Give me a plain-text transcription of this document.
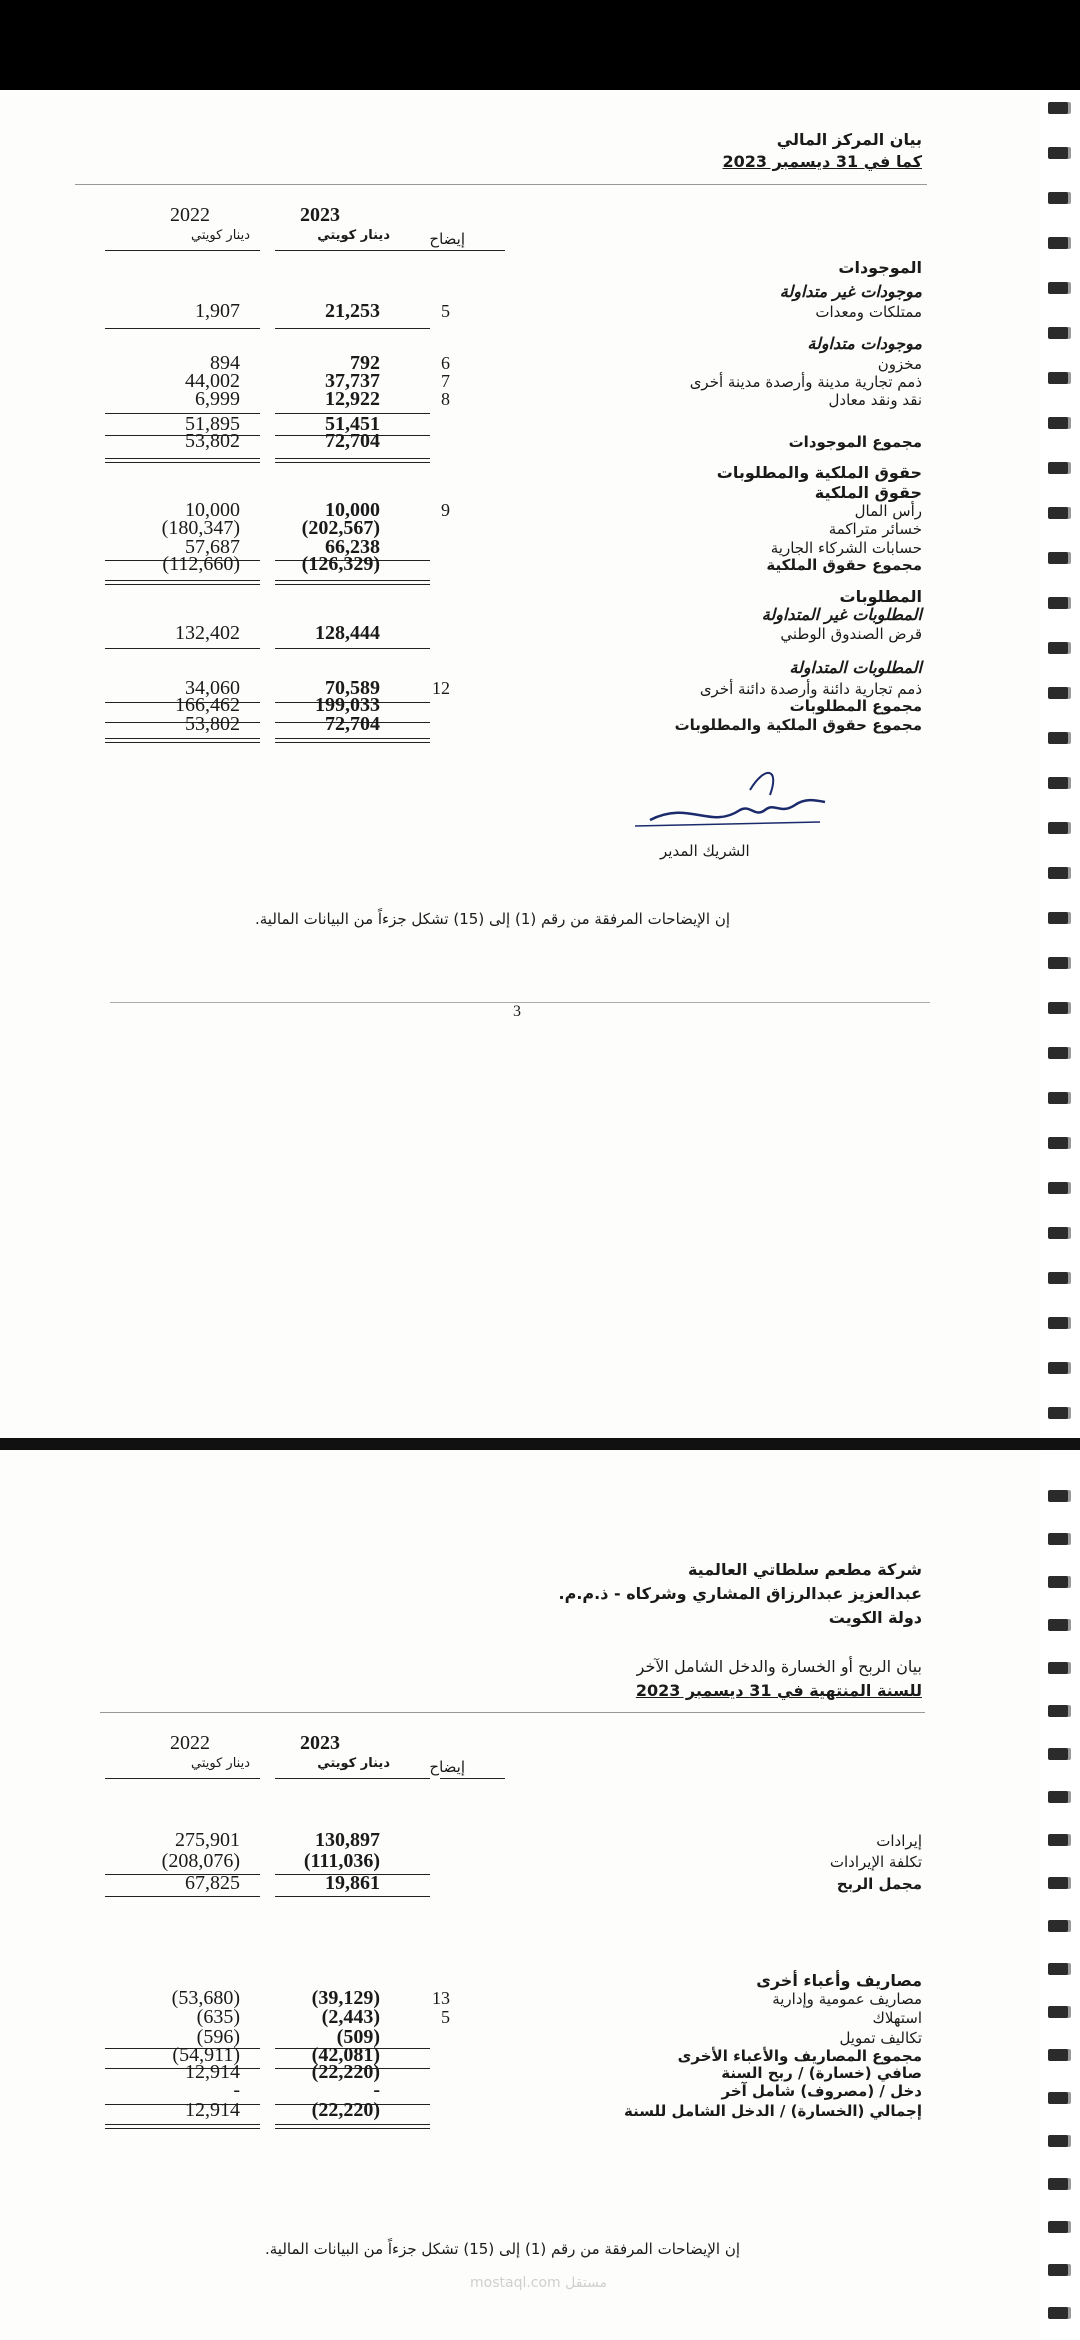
بيان المركز المالي
كما في 31 ديسمبر 2023
2022
دينار كويتي
2023
دينار كويتي	إيضاح
الموجودات
موجودات غير متداولة
ممتلكات ومعدات
5
21,253
1,907
موجودات متداولة
مخزون
6
792
894
ذمم تجارية مدينة وأرصدة مدينة أخرى
7
37,737
44,002
نقد ونقد معادل
8
12,922
6,999
51,451
51,895
مجموع الموجودات
72,704
53,802
حقوق الملكية والمطلوبات
حقوق الملكية
رأس المال
9
10,000
10,000
خسائر متراكمة
(202,567)
(180,347)
حسابات الشركاء الجارية
66,238
57,687
مجموع حقوق الملكية
(126,329)
(112,660)
المطلوبات
المطلوبات غير المتداولة
قرض الصندوق الوطني
128,444
132,402
المطلوبات المتداولة
ذمم تجارية دائنة وأرصدة دائنة أخرى
12
70,589
34,060
مجموع المطلوبات
199,033
166,462
مجموع حقوق الملكية والمطلوبات
72,704
53,802
الشريك المدير
إن الإيضاحات المرفقة من رقم (1) إلى (15) تشكل جزءاً من البيانات المالية.
3
شركة مطعم سلطاتي العالمية
عبدالعزيز عبدالرزاق المشاري وشركاه - ذ.م.م.
دولة الكويت
بيان الربح أو الخسارة والدخل الشامل الآخر
للسنة المنتهية في 31 ديسمبر 2023
2022
دينار كويتي
2023
دينار كويتي	إيضاح
إيرادات
130,897
275,901
تكلفة الإيرادات
(111,036)
(208,076)
مجمل الربح
19,861
67,825
مصاريف وأعباء أخرى
مصاريف عمومية وإدارية
13
(39,129)
(53,680)
استهلاك
5
(2,443)
(635)
تكاليف تمويل
(509)
(596)
مجموع المصاريف والأعباء الأخرى
(42,081)
(54,911)
صافي (خسارة) / ربح السنة
(22,220)
12,914
دخل / (مصروف) شامل آخر
-
-
إجمالي (الخسارة) / الدخل الشامل للسنة
(22,220)
12,914
إن الإيضاحات المرفقة من رقم (1) إلى (15) تشكل جزءاً من البيانات المالية.
مستقل mostaql.com
